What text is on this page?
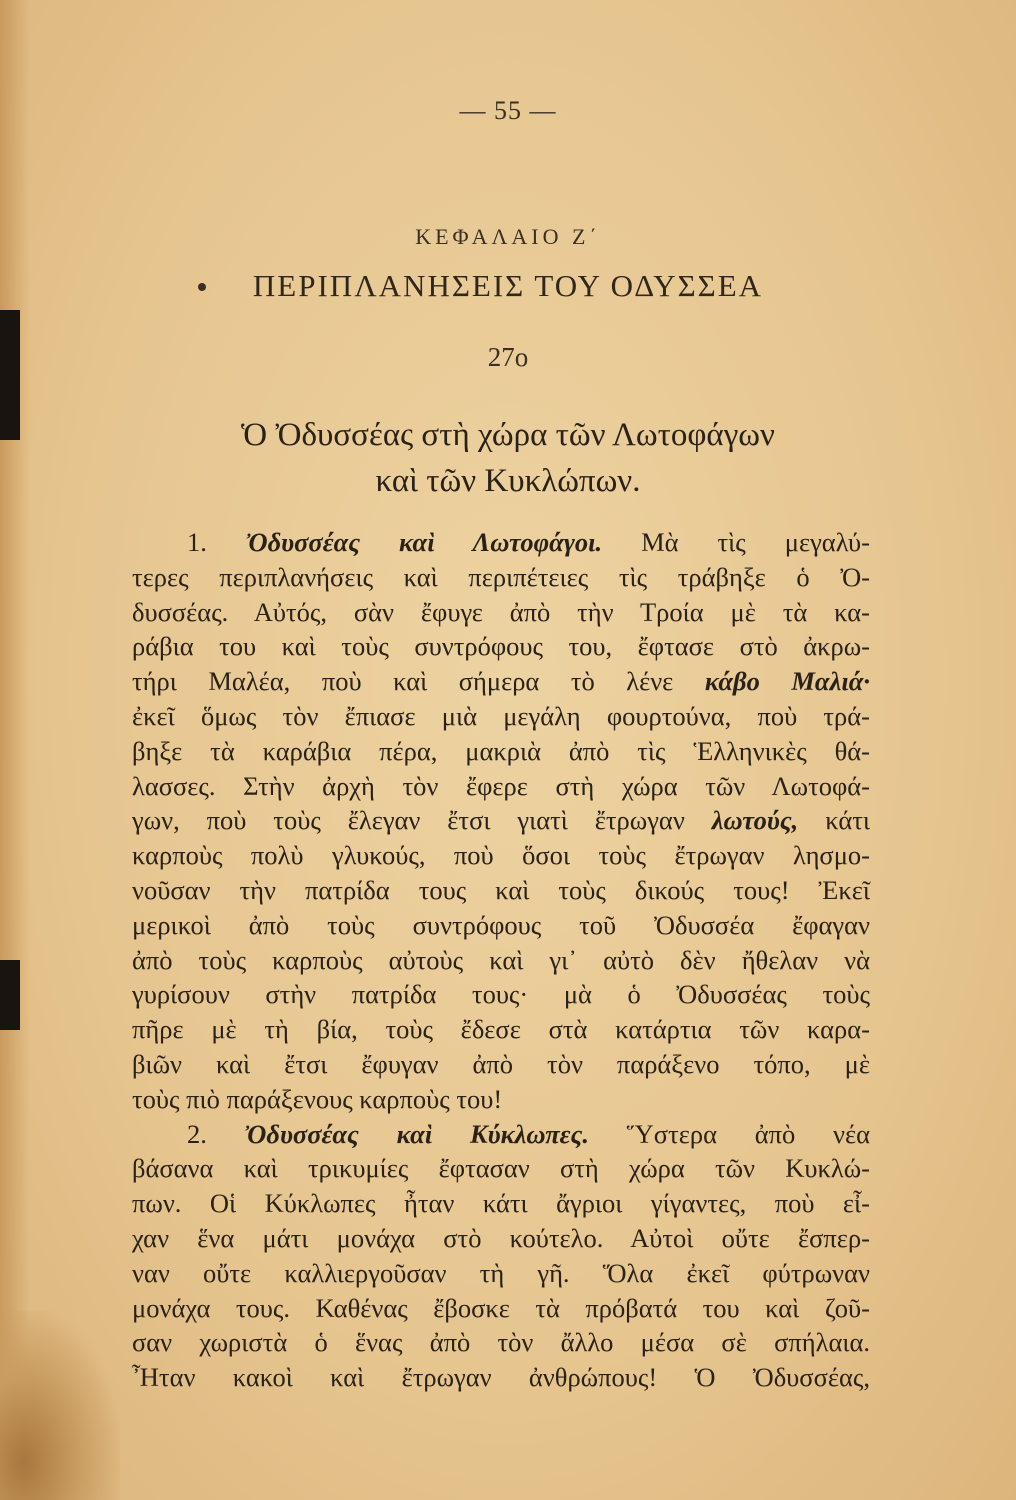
— 55 —
ΚΕΦΑΛΑΙΟ Ζ΄
ΠΕΡΙΠΛΑΝΗΣΕΙΣ ΤΟΥ ΟΔΥΣΣΕΑ
27ο
Ὁ Ὀδυσσέας στὴ χώρα τῶν Λωτοφάγων
καὶ τῶν Κυκλώπων.
1. Ὀδυσσέας καὶ Λωτοφάγοι. Μὰ τὶς μεγαλύ-
τερες περιπλανήσεις καὶ περιπέτειες τὶς τράβηξε ὁ Ὀ-
δυσσέας. Αὐτός, σὰν ἔφυγε ἀπὸ τὴν Τροία μὲ τὰ κα-
ράβια του καὶ τοὺς συντρόφους του, ἔφτασε στὸ ἀκρω-
τήρι Μαλέα, ποὺ καὶ σήμερα τὸ λένε κάβο Μαλιά·
ἐκεῖ ὅμως τὸν ἔπιασε μιὰ μεγάλη φουρτούνα, ποὺ τρά-
βηξε τὰ καράβια πέρα, μακριὰ ἀπὸ τὶς Ἑλληνικὲς θά-
λασσες. Στὴν ἀρχὴ τὸν ἔφερε στὴ χώρα τῶν Λωτοφά-
γων, ποὺ τοὺς ἔλεγαν ἔτσι γιατὶ ἔτρωγαν λωτούς, κάτι
καρποὺς πολὺ γλυκούς, ποὺ ὅσοι τοὺς ἔτρωγαν λησμο-
νοῦσαν τὴν πατρίδα τους καὶ τοὺς δικούς τους! Ἐκεῖ
μερικοὶ ἀπὸ τοὺς συντρόφους τοῦ Ὀδυσσέα ἔφαγαν
ἀπὸ τοὺς καρποὺς αὐτοὺς καὶ γι᾽ αὐτὸ δὲν ἤθελαν νὰ
γυρίσουν στὴν πατρίδα τους· μὰ ὁ Ὀδυσσέας τοὺς
πῆρε μὲ τὴ βία, τοὺς ἔδεσε στὰ κατάρτια τῶν καρα-
βιῶν καὶ ἔτσι ἔφυγαν ἀπὸ τὸν παράξενο τόπο, μὲ
τοὺς πιὸ παράξενους καρποὺς του!
2. Ὀδυσσέας καὶ Κύκλωπες. Ὕστερα ἀπὸ νέα
βάσανα καὶ τρικυμίες ἔφτασαν στὴ χώρα τῶν Κυκλώ-
πων. Οἱ Κύκλωπες ἦταν κάτι ἄγριοι γίγαντες, ποὺ εἶ-
χαν ἕνα μάτι μονάχα στὸ κούτελο. Αὐτοὶ οὔτε ἔσπερ-
ναν οὔτε καλλιεργοῦσαν τὴ γῆ. Ὅλα ἐκεῖ φύτρωναν
μονάχα τους. Καθένας ἔβοσκε τὰ πρόβατά του καὶ ζοῦ-
σαν χωριστὰ ὁ ἕνας ἀπὸ τὸν ἄλλο μέσα σὲ σπήλαια.
Ἦταν κακοὶ καὶ ἔτρωγαν ἀνθρώπους! Ὁ Ὀδυσσέας,
